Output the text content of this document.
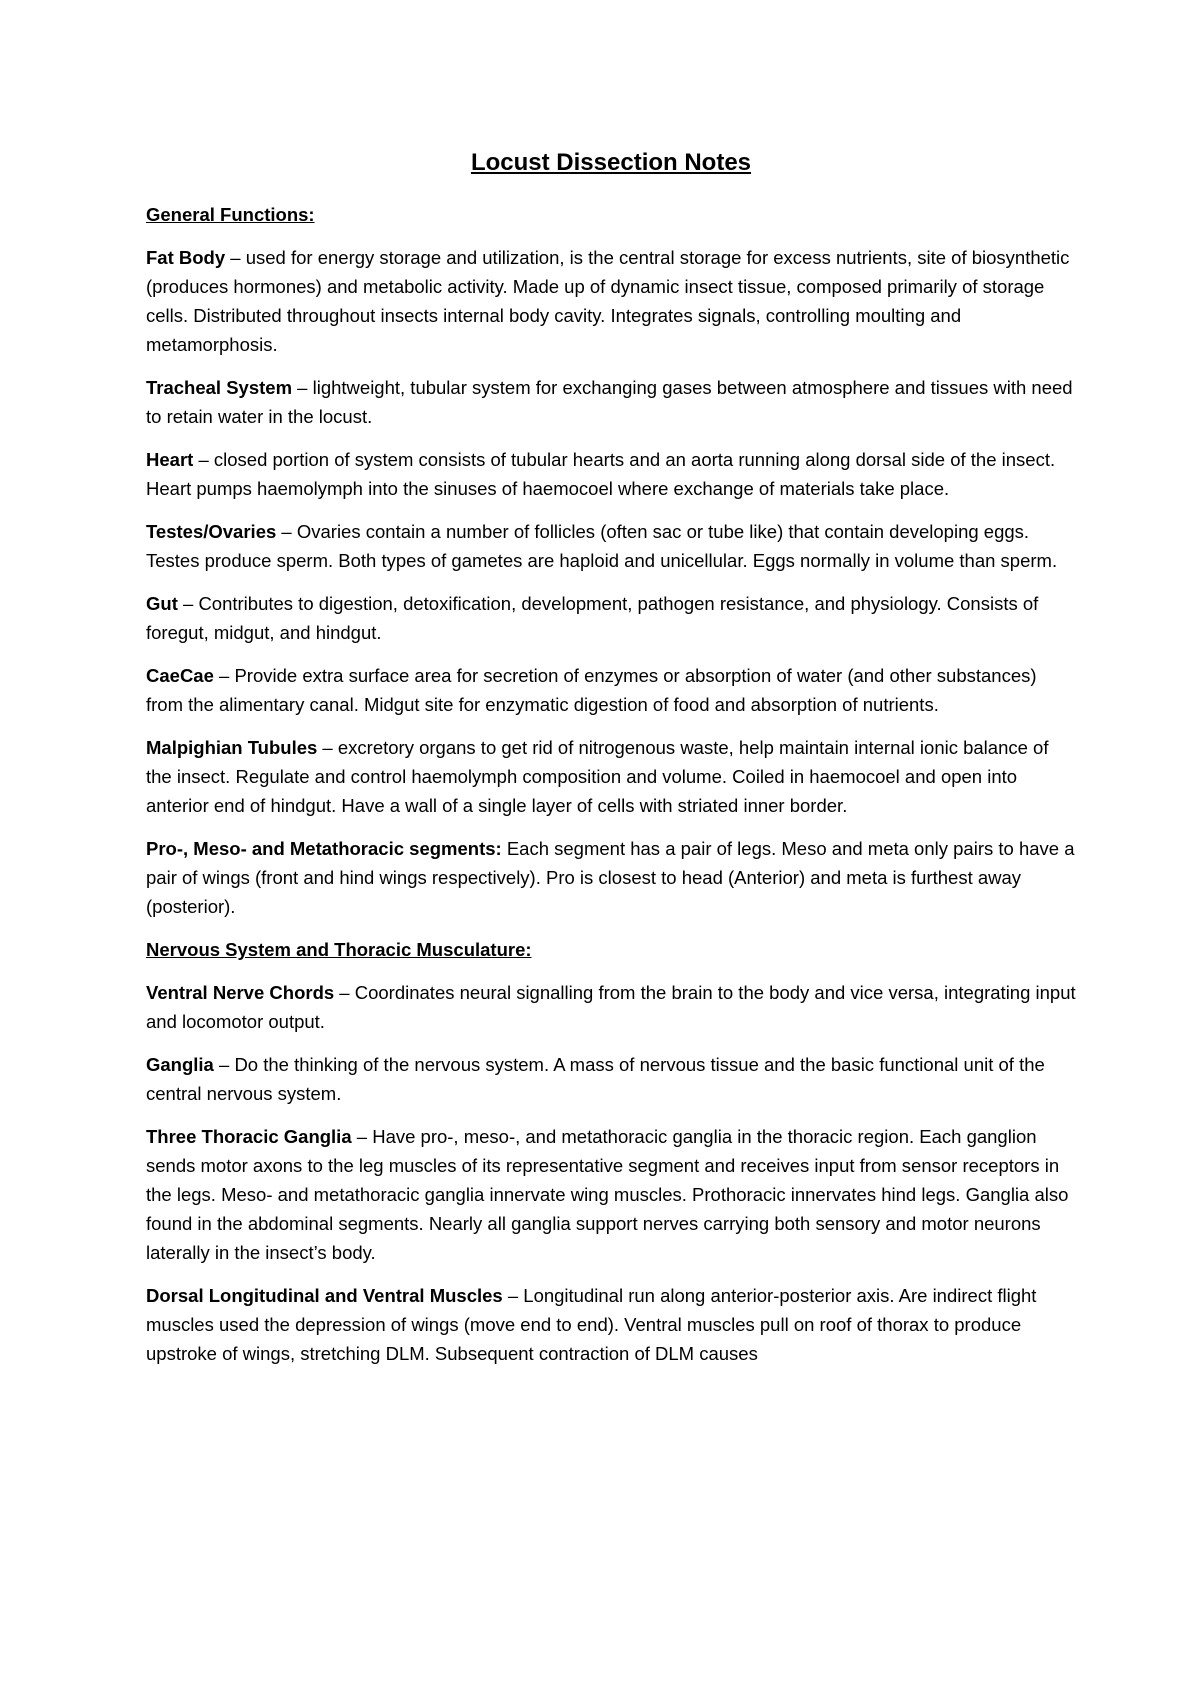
Locust Dissection Notes
General Functions:

Fat Body – used for energy storage and utilization, is the central storage for excess nutrients, site of biosynthetic (produces hormones) and metabolic activity. Made up of dynamic insect tissue, composed primarily of storage cells. Distributed throughout insects internal body cavity. Integrates signals, controlling moulting and metamorphosis.

Tracheal System – lightweight, tubular system for exchanging gases between atmosphere and tissues with need to retain water in the locust.

Heart – closed portion of system consists of tubular hearts and an aorta running along dorsal side of the insect. Heart pumps haemolymph into the sinuses of haemocoel where exchange of materials take place.

Testes/Ovaries – Ovaries contain a number of follicles (often sac or tube like) that contain developing eggs. Testes produce sperm. Both types of gametes are haploid and unicellular. Eggs normally in volume than sperm.

Gut – Contributes to digestion, detoxification, development, pathogen resistance, and physiology. Consists of foregut, midgut, and hindgut.

CaeCae – Provide extra surface area for secretion of enzymes or absorption of water (and other substances) from the alimentary canal. Midgut site for enzymatic digestion of food and absorption of nutrients.

Malpighian Tubules – excretory organs to get rid of nitrogenous waste, help maintain internal ionic balance of the insect. Regulate and control haemolymph composition and volume. Coiled in haemocoel and open into anterior end of hindgut. Have a wall of a single layer of cells with striated inner border.

Pro-, Meso- and Metathoracic segments: Each segment has a pair of legs. Meso and meta only pairs to have a pair of wings (front and hind wings respectively). Pro is closest to head (Anterior) and meta is furthest away (posterior).

Nervous System and Thoracic Musculature:

Ventral Nerve Chords – Coordinates neural signalling from the brain to the body and vice versa, integrating input and locomotor output.

Ganglia – Do the thinking of the nervous system. A mass of nervous tissue and the basic functional unit of the central nervous system.

Three Thoracic Ganglia – Have pro-, meso-, and metathoracic ganglia in the thoracic region. Each ganglion sends motor axons to the leg muscles of its representative segment and receives input from sensor receptors in the legs. Meso- and metathoracic ganglia innervate wing muscles. Prothoracic innervates hind legs. Ganglia also found in the abdominal segments. Nearly all ganglia support nerves carrying both sensory and motor neurons laterally in the insect’s body.

Dorsal Longitudinal and Ventral Muscles – Longitudinal run along anterior-posterior axis. Are indirect flight muscles used the depression of wings (move end to end). Ventral muscles pull on roof of thorax to produce upstroke of wings, stretching DLM. Subsequent contraction of DLM causes
